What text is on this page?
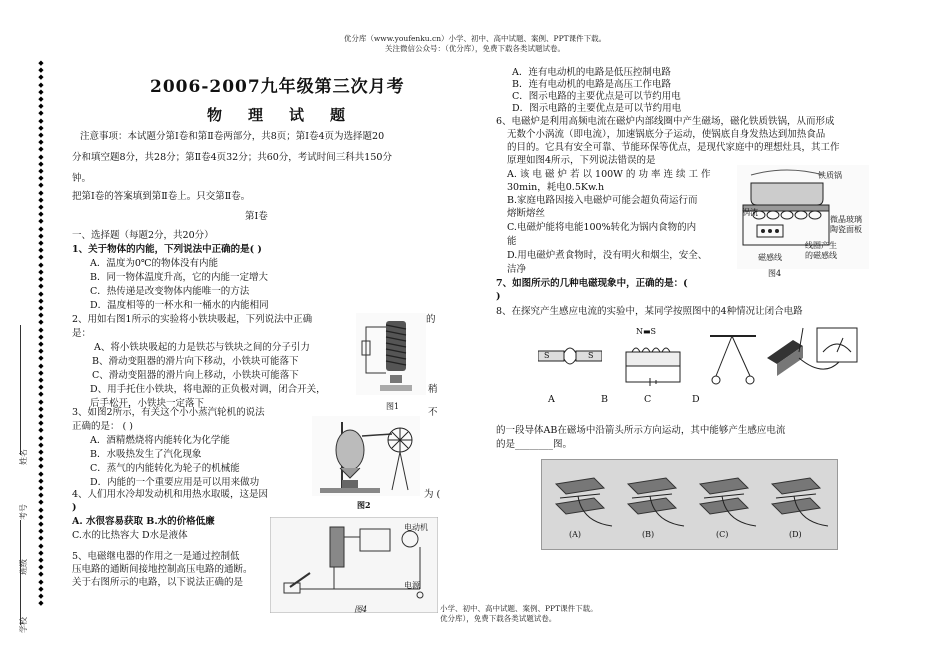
优分库（www.youfenku.cn）小学、初中、高中试题、案例、PPT课件下载。
关注微信公众号：（优分库），免费下载各类试题试卷。
◆
◆
◆
◆
◆
◆
◆
◆
◆
◆
◆
◆
◆
◆
◆
◆
◆
◆
◆
◆
◆
◆
◆
◆
◆
◆
◆
◆
◆
◆
◆
◆
◆
◆
◆
◆
◆
◆
◆
◆
◆
◆
◆
◆
◆
◆
◆
◆
◆
◆
◆
◆
◆
◆
◆
◆
◆
◆
◆
◆
◆
◆
◆
◆
◆
◆
◆
◆
◆
◆
◆
◆
◆
◆
◆
◆

学校
班级
考号
姓名
2006-2007九年级第三次月考
物 理 试 题
注意事项：本试题分第Ⅰ卷和第Ⅱ卷两部分，共8页；第Ⅰ卷4页为选择题20
分和填空题8分，共28分；第Ⅱ卷4页32分；共60分，考试时间三科共150分
钟。
把第Ⅰ卷的答案填到第Ⅱ卷上。只交第Ⅱ卷。
第Ⅰ卷
一、选择题（每题2分，共20分）
1、关于物体的内能，下列说法中正确的是( )
A．温度为0℃的物体没有内能
B．同一物体温度升高，它的内能一定增大
C．热传递是改变物体内能唯一的方法
D．温度相等的一杯水和一桶水的内能相同
2、用如右图1所示的实验将小铁块吸起，下列说法中正确	的
是：
A、将小铁块吸起的力是铁芯与铁块之间的分子引力
B、滑动变阻器的滑片向下移动，小铁块可能落下
C、滑动变阻器的滑片向上移动，小铁块可能落下
D、用手托住小铁块，将电源的正负极对调，闭合开关，	稍
后手松开，小铁块一定落下	图1
3、如图2所示，有关这个小小蒸汽轮机的说法	不
正确的是： ( )
A．酒精燃烧将内能转化为化学能
B．水吸热发生了汽化现象
C．蒸气的内能转化为轮子的机械能
D．内能的一个重要应用是可以用来做功
图2
4、人们用水冷却发动机和用热水取暖，这是因	为 (
)
A. 水很容易获取 B.水的价格低廉
C.水的比热容大 D水是液体
5、电磁继电器的作用之一是通过控制低
压电路的通断间接地控制高压电路的通断。
关于右图所示的电路，以下说法正确的是
电动机
电源
图4
A．连有电动机的电路是低压控制电路
B．连有电动机的电路是高压工作电路
C．图示电路的主要优点是可以节约用电
D．图示电路的主要优点是可以节约用电
6、电磁炉是利用高频电流在磁炉内部线圈中产生磁场，磁化铁质铁锅，从而形成
无数个小涡流（即电流），加速锅底分子运动，使锅底自身发热达到加热食品
的目的。它具有安全可靠、节能环保等优点，是现代家庭中的理想灶具，其工作
原理如图4所示，下列说法错误的是
A. 该 电 磁 炉 若 以 100W 的 功 率 连 续 工 作
30min，耗电0.5Kw.h
B.家庭电路因接入电磁炉可能会超负荷运行而
熔断熔丝
C.电磁炉能将电能100%转化为锅内食物的内
能
D.用电磁炉煮食物时，没有明火和烟尘，安全、
洁净
铁质锅
涡流
微晶玻璃
陶瓷面板
线圈产生
的磁感线
磁感线
图4
7、如图所示的几种电磁现象中，正确的是：(
)
8、在探究产生感应电流的实验中，某同学按照图中的4种情况让闭合电路
S	S
N▬S
A	B	C	D
的一段导体AB在磁场中沿箭头所示方向运动，其中能够产生感应电流
的是________图。
(A)	(B)	(C)	(D)
小学、初中、高中试题、案例、PPT课件下载。
优分库），免费下载各类试题试卷。
